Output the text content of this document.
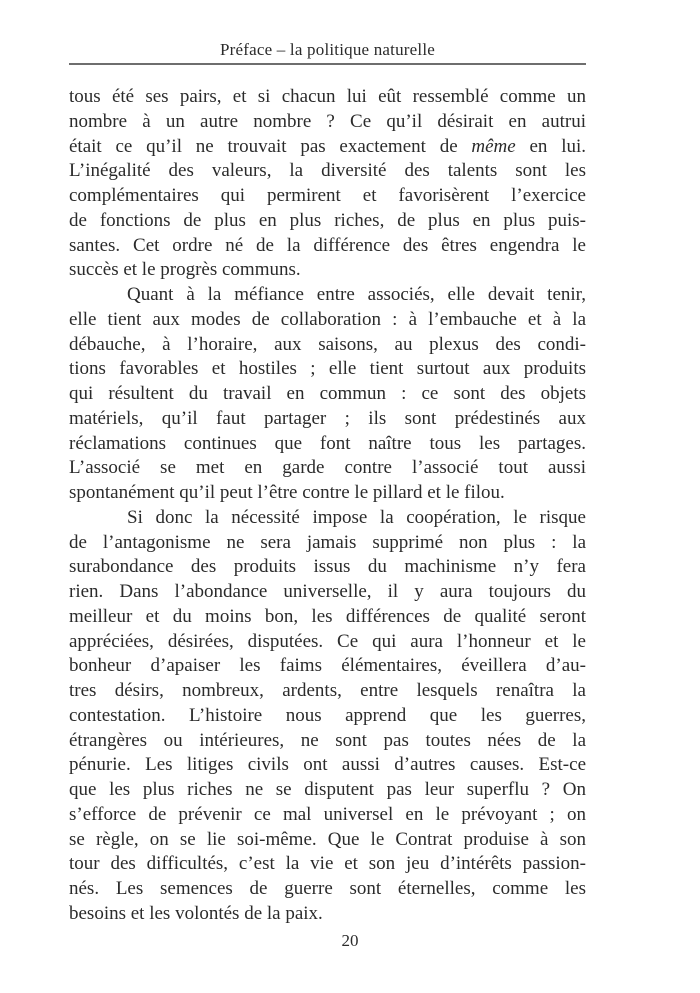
Préface – la politique naturelle
tous été ses pairs, et si chacun lui eût ressemblé comme un
nombre à un autre nombre ? Ce qu’il désirait en autrui
était ce qu’il ne trouvait pas exactement de même en lui.
L’inégalité des valeurs, la diversité des talents sont les
complémentaires qui permirent et favorisèrent l’exercice
de fonctions de plus en plus riches, de plus en plus puis-
santes. Cet ordre né de la différence des êtres engendra le
succès et le progrès communs.
Quant à la méfiance entre associés, elle devait tenir,
elle tient aux modes de collaboration : à l’embauche et à la
débauche, à l’horaire, aux saisons, au plexus des condi-
tions favorables et hostiles ; elle tient surtout aux produits
qui résultent du travail en commun : ce sont des objets
matériels, qu’il faut partager ; ils sont prédestinés aux
réclamations continues que font naître tous les partages.
L’associé se met en garde contre l’associé tout aussi
spontanément qu’il peut l’être contre le pillard et le filou.
Si donc la nécessité impose la coopération, le risque
de l’antagonisme ne sera jamais supprimé non plus : la
surabondance des produits issus du machinisme n’y fera
rien. Dans l’abondance universelle, il y aura toujours du
meilleur et du moins bon, les différences de qualité seront
appréciées, désirées, disputées. Ce qui aura l’honneur et le
bonheur d’apaiser les faims élémentaires, éveillera d’au-
tres désirs, nombreux, ardents, entre lesquels renaîtra la
contestation. L’histoire nous apprend que les guerres,
étrangères ou intérieures, ne sont pas toutes nées de la
pénurie. Les litiges civils ont aussi d’autres causes. Est-ce
que les plus riches ne se disputent pas leur superflu ? On
s’efforce de prévenir ce mal universel en le prévoyant ; on
se règle, on se lie soi-même. Que le Contrat produise à son
tour des difficultés, c’est la vie et son jeu d’intérêts passion-
nés. Les semences de guerre sont éternelles, comme les
besoins et les volontés de la paix.
20
